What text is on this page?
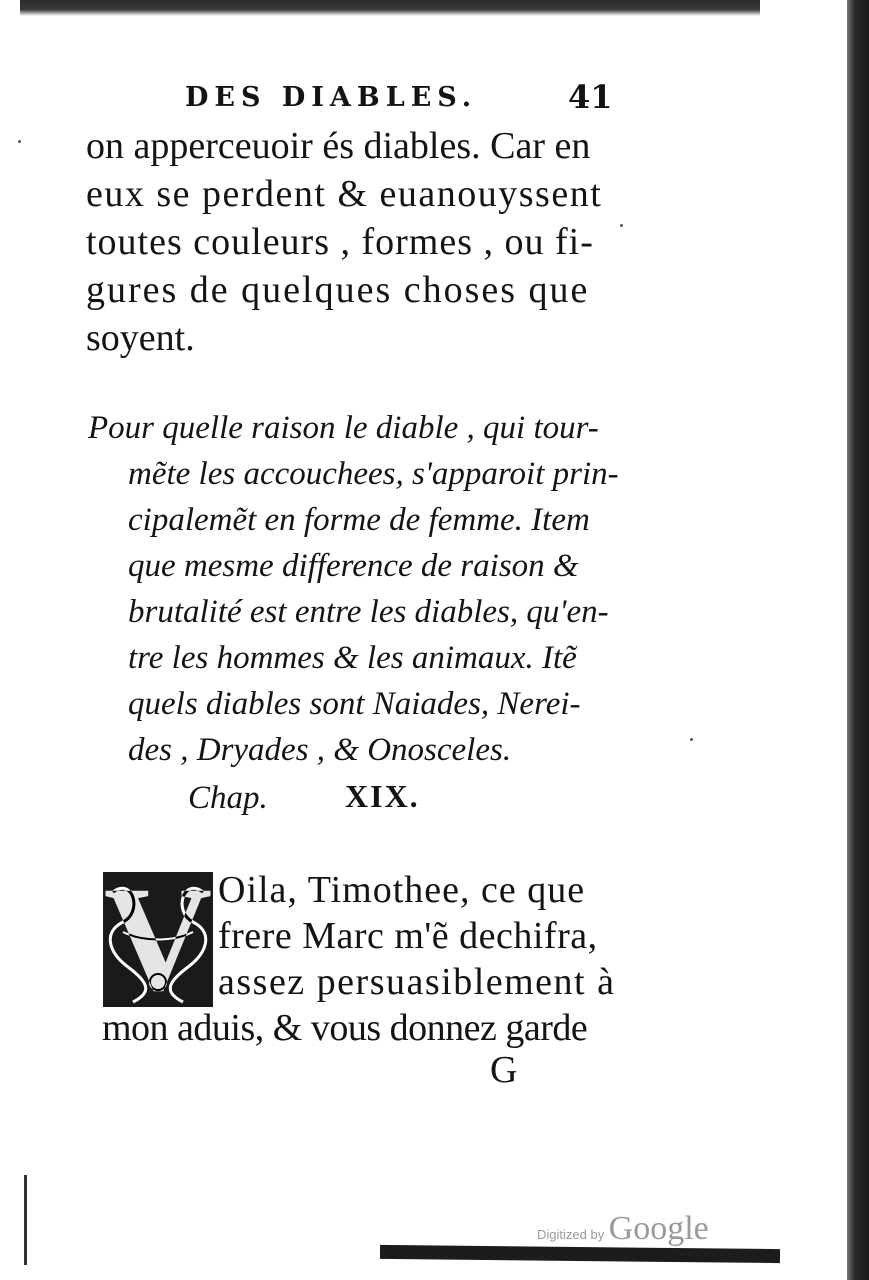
DES DIABLES.	41
on apperceuoir és diables. Car en
eux se perdent & euanouyssent
toutes couleurs , formes , ou fi-
gures de quelques choses que
soyent.
Pour quelle raison le diable , qui tour-
mẽte les accouchees, s'apparoit prin-
cipalemẽt en forme de femme. Item
que mesme difference de raison &
brutalité est entre les diables, qu'en-
tre les hommes & les animaux. Itẽ
quels diables sont Naiades, Nerei-
des , Dryades , & Onosceles.
Chap. XIX.
V Oila, Timothee, ce que
frere Marc m'ẽ dechifra,
assez persuasiblement à
mon aduis, & vous donnez garde
G
Digitized by Google
